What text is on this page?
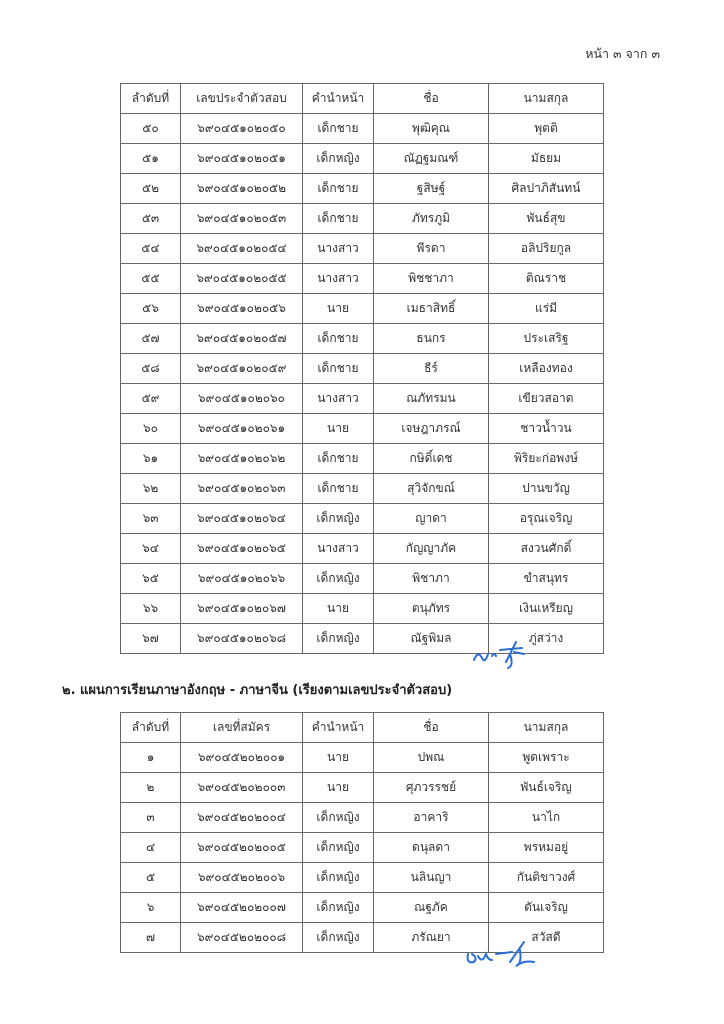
หน้า ๓ จาก ๓
ลำดับที่	เลขประจำตัวสอบ	คำนำหน้า	ชื่อ	นามสกุล
๕๐	๖๙๐๔๕๑๐๒๐๕๐	เด็กชาย	พุฒิคุณ	พุตติ
๕๑	๖๙๐๔๕๑๐๒๐๕๑	เด็กหญิง	ณัฏฐมณฑ์	มัธยม
๕๒	๖๙๐๔๕๑๐๒๐๕๒	เด็กชาย	ฐสิษฐ์	ศิลปาภิสันทน์
๕๓	๖๙๐๔๕๑๐๒๐๕๓	เด็กชาย	ภัทรภูมิ	พันธ์สุข
๕๔	๖๙๐๔๕๑๐๒๐๕๔	นางสาว	พีรดา	อลิปริยกูล
๕๕	๖๙๐๔๕๑๐๒๐๕๕	นางสาว	พิชชาภา	ติณราช
๕๖	๖๙๐๔๕๑๐๒๐๕๖	นาย	เมธาสิทธิ์	แร่มี
๕๗	๖๙๐๔๕๑๐๒๐๕๗	เด็กชาย	ธนกร	ประเสริฐ
๕๘	๖๙๐๔๕๑๐๒๐๕๙	เด็กชาย	ธีร์	เหลืองทอง
๕๙	๖๙๐๔๕๑๐๒๐๖๐	นางสาว	ณภัทรมน	เขียวสอาด
๖๐	๖๙๐๔๕๑๐๒๐๖๑	นาย	เจษฎาภรณ์	ชาวน้ำวน
๖๑	๖๙๐๔๕๑๐๒๐๖๒	เด็กชาย	กษิดิ์เดช	พิริยะก่อพงษ์
๖๒	๖๙๐๔๕๑๐๒๐๖๓	เด็กชาย	สุวิจักขณ์	ปานขวัญ
๖๓	๖๙๐๔๕๑๐๒๐๖๔	เด็กหญิง	ญาดา	อรุณเจริญ
๖๔	๖๙๐๔๕๑๐๒๐๖๕	นางสาว	กัญญาภัค	สงวนศักดิ์
๖๕	๖๙๐๔๕๑๐๒๐๖๖	เด็กหญิง	พิชาภา	ขำสนุทร
๖๖	๖๙๐๔๕๑๐๒๐๖๗	นาย	ตนุภัทร	เงินเหรียญ
๖๗	๖๙๐๔๕๑๐๒๐๖๘	เด็กหญิง	ณัฐพิมล	ภู่สว่าง
๒. แผนการเรียนภาษาอังกฤษ - ภาษาจีน (เรียงตามเลขประจำตัวสอบ)
ลำดับที่	เลขที่สมัคร	คำนำหน้า	ชื่อ	นามสกุล
๑	๖๙๐๔๕๒๐๒๐๐๑	นาย	ปพณ	พูดเพราะ
๒	๖๙๐๔๕๒๐๒๐๐๓	นาย	ศุภวรรชย์	พันธ์เจริญ
๓	๖๙๐๔๕๒๐๒๐๐๔	เด็กหญิง	อาคาริ	นาไก
๔	๖๙๐๔๕๒๐๒๐๐๕	เด็กหญิง	ดนุลดา	พรหมอยู่
๕	๖๙๐๔๕๒๐๒๐๐๖	เด็กหญิง	นลินญา	กันติขาวงศ์
๖	๖๙๐๔๕๒๐๒๐๐๗	เด็กหญิง	ณฐภัค	ตันเจริญ
๗	๖๙๐๔๕๒๐๒๐๐๘	เด็กหญิง	ภรัณยา	สวัสดี
